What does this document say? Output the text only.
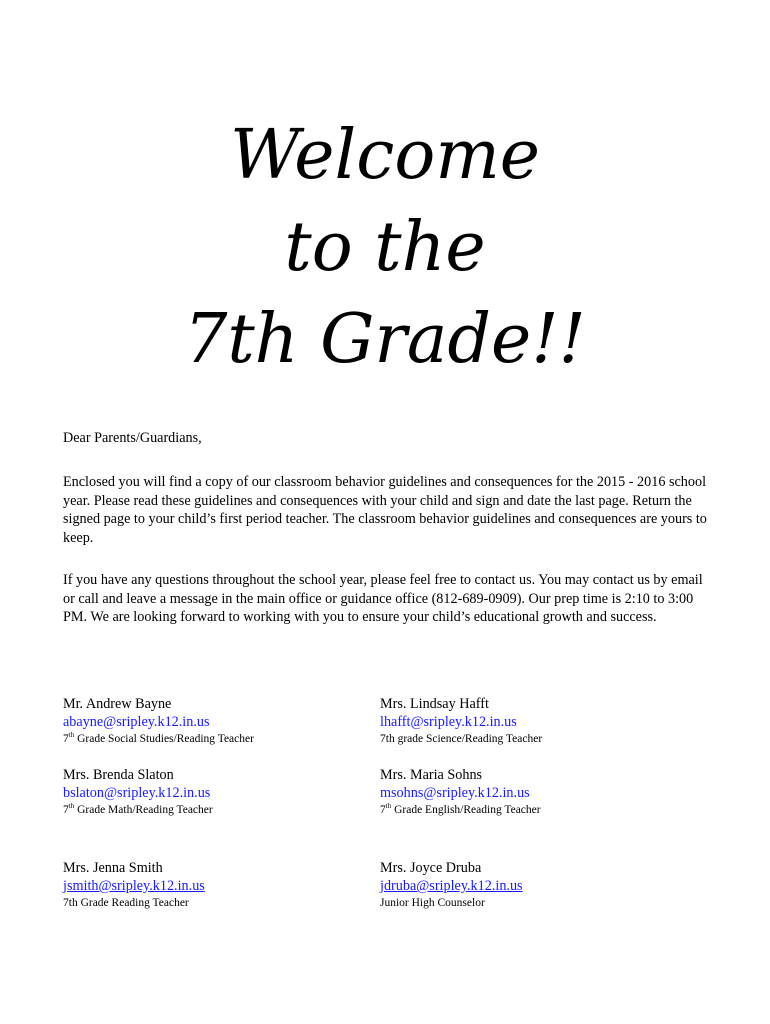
Welcome
to the
7th Grade!!

Dear Parents/Guardians,

Enclosed you will find a copy of our classroom behavior guidelines and consequences for the 2015 - 2016 school year. Please read these guidelines and consequences with your child and sign and date the last page. Return the signed page to your child’s first period teacher. The classroom behavior guidelines and consequences are yours to keep.

If you have any questions throughout the school year, please feel free to contact us. You may contact us by email or call and leave a message in the main office or guidance office (812-689-0909). Our prep time is 2:10 to 3:00 PM. We are looking forward to working with you to ensure your child’s educational growth and success.

Mr. Andrew Bayne
abayne@sripley.k12.in.us
7th Grade Social Studies/Reading Teacher
Mrs. Lindsay Hafft
lhafft@sripley.k12.in.us
7th grade Science/Reading Teacher
Mrs. Brenda Slaton
bslaton@sripley.k12.in.us
7th Grade Math/Reading Teacher
Mrs. Maria Sohns
msohns@sripley.k12.in.us
7th Grade English/Reading Teacher
Mrs. Jenna Smith
jsmith@sripley.k12.in.us
7th Grade Reading Teacher
Mrs. Joyce Druba
jdruba@sripley.k12.in.us
Junior High Counselor
